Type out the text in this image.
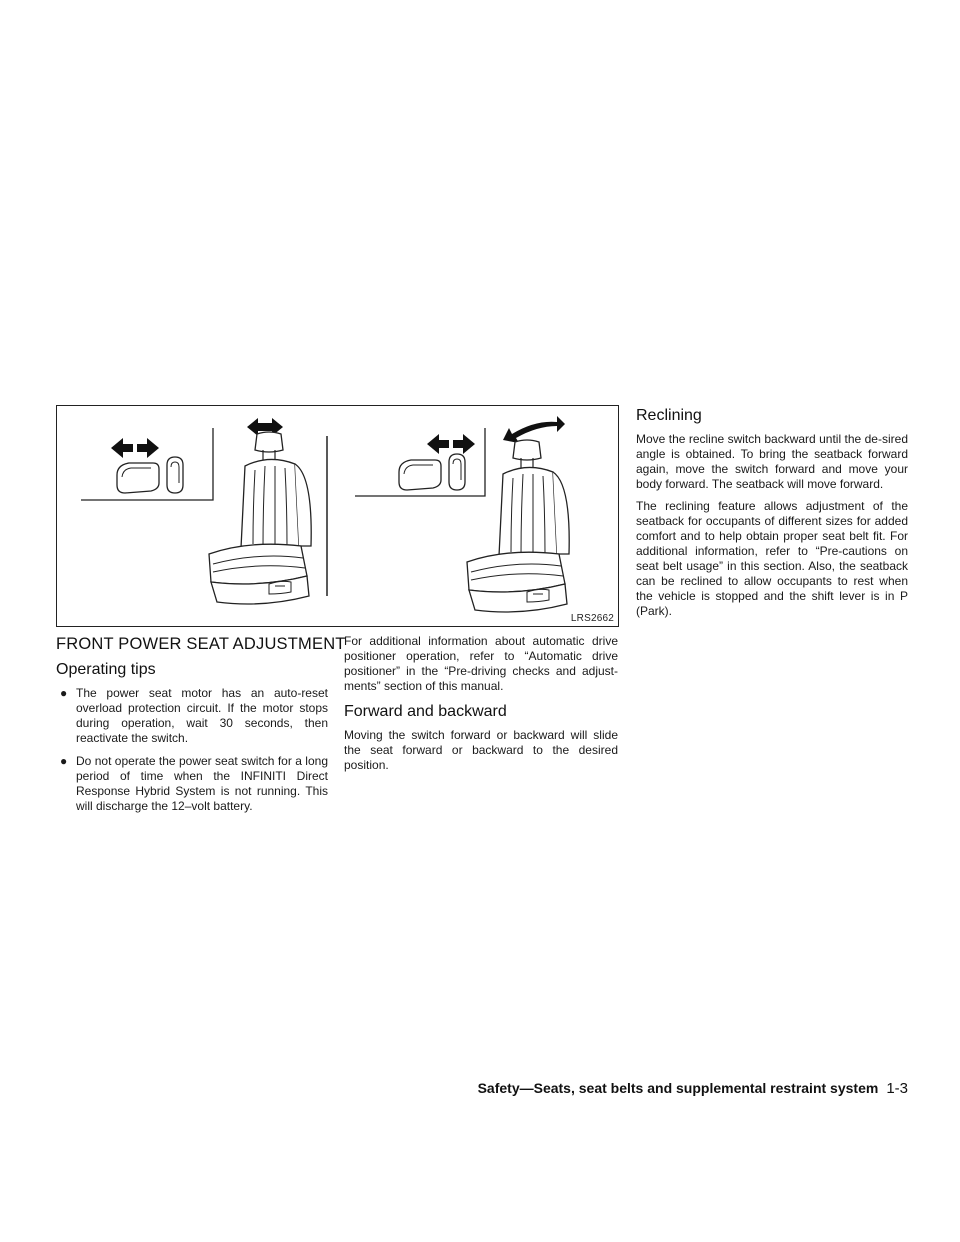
LRS2662
FRONT POWER SEAT ADJUSTMENT
Operating tips
● The power seat motor has an auto-reset overload protection circuit. If the motor stops during operation, wait 30 seconds, then reactivate the switch.
● Do not operate the power seat switch for a long period of time when the INFINITI Direct Response Hybrid System is not running. This will discharge the 12–volt battery.

For additional information about automatic drive positioner operation, refer to “Automatic drive positioner” in the “Pre-driving checks and adjust-ments” section of this manual.

Forward and backward

Moving the switch forward or backward will slide the seat forward or backward to the desired position.

Reclining

Move the recline switch backward until the de-sired angle is obtained. To bring the seatback forward again, move the switch forward and move your body forward. The seatback will move forward.

The reclining feature allows adjustment of the seatback for occupants of different sizes for added comfort and to help obtain proper seat belt fit. For additional information, refer to “Pre-cautions on seat belt usage” in this section. Also, the seatback can be reclined to allow occupants to rest when the vehicle is stopped and the shift lever is in P (Park).

Safety—Seats, seat belts and supplemental restraint system 1-3
